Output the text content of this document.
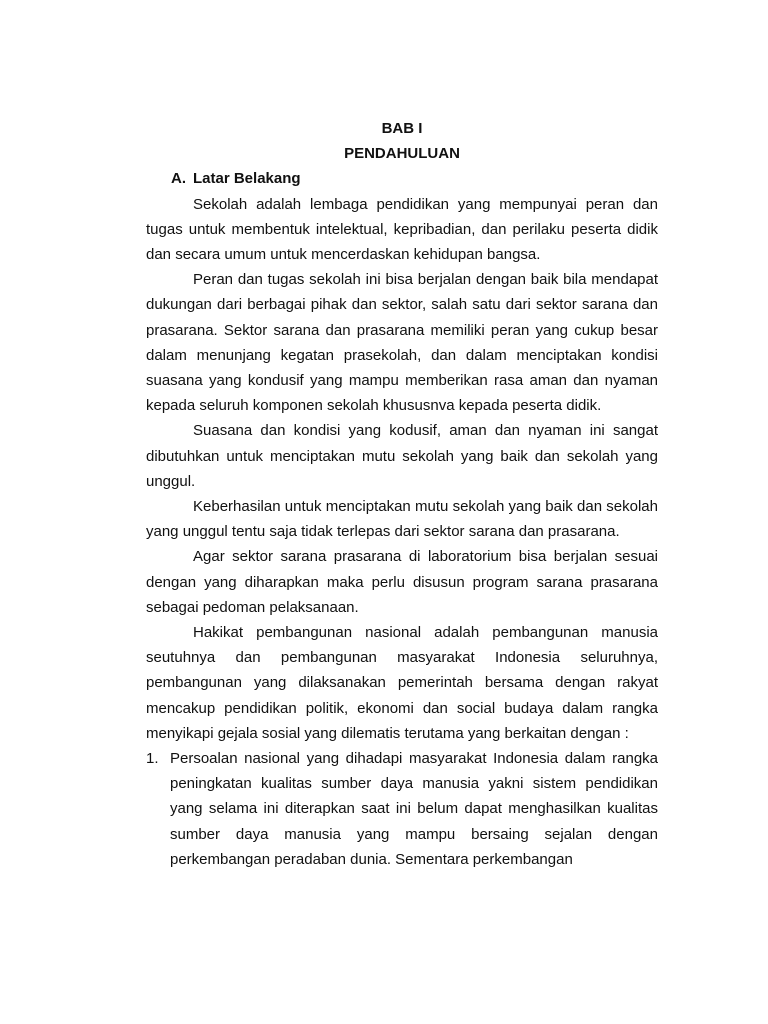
BAB I

PENDAHULUAN

A. Latar Belakang

Sekolah adalah lembaga pendidikan yang mempunyai peran dan tugas untuk membentuk intelektual, kepribadian, dan perilaku peserta didik dan secara umum untuk mencerdaskan kehidupan bangsa.

Peran dan tugas sekolah ini bisa berjalan dengan baik bila mendapat dukungan dari berbagai pihak dan sektor, salah satu dari sektor sarana dan prasarana. Sektor sarana dan prasarana memiliki peran yang cukup besar dalam menunjang kegatan prasekolah, dan dalam menciptakan kondisi suasana yang kondusif yang mampu memberikan rasa aman dan nyaman kepada seluruh komponen sekolah khususnva kepada peserta didik.

Suasana dan kondisi yang kodusif, aman dan nyaman ini sangat dibutuhkan untuk menciptakan mutu sekolah yang baik dan sekolah yang unggul.

Keberhasilan untuk menciptakan mutu sekolah yang baik dan sekolah yang unggul tentu saja tidak terlepas dari sektor sarana dan prasarana.

Agar sektor sarana prasarana di laboratorium bisa berjalan sesuai dengan yang diharapkan maka perlu disusun program sarana prasarana sebagai pedoman pelaksanaan.

Hakikat pembangunan nasional adalah pembangunan manusia seutuhnya dan pembangunan masyarakat Indonesia seluruhnya, pembangunan yang dilaksanakan pemerintah bersama dengan rakyat mencakup pendidikan politik, ekonomi dan social budaya dalam rangka menyikapi gejala sosial yang dilematis terutama yang berkaitan dengan :

1. Persoalan nasional yang dihadapi masyarakat Indonesia dalam rangka peningkatan kualitas sumber daya manusia yakni sistem pendidikan yang selama ini diterapkan saat ini belum dapat menghasilkan kualitas sumber daya manusia yang mampu bersaing sejalan dengan perkembangan peradaban dunia. Sementara perkembangan
